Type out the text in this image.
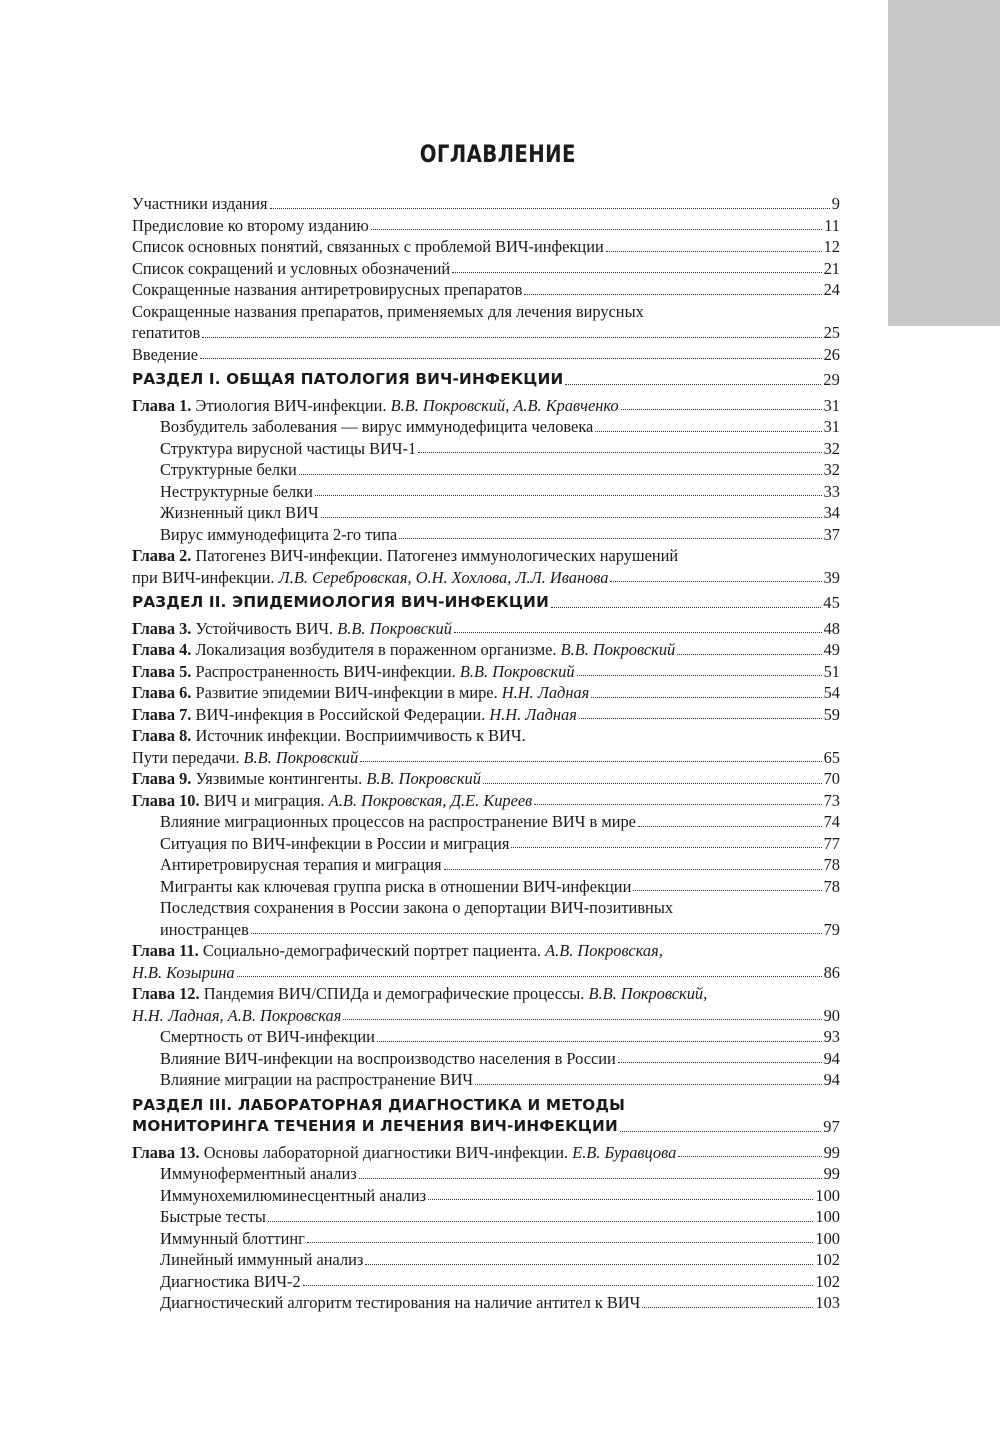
ОГЛАВЛЕНИЕ
Участники издания	9
Предисловие ко второму изданию	11
Список основных понятий, связанных с проблемой ВИЧ-инфекции	12
Список сокращений и условных обозначений	21
Сокращенные названия антиретровирусных препаратов	24
Сокращенные названия препаратов, применяемых для лечения вирусных
гепатитов	25
Введение	26
РАЗДЕЛ I. ОБЩАЯ ПАТОЛОГИЯ ВИЧ-ИНФЕКЦИИ	29
Глава 1. Этиология ВИЧ-инфекции. В.В. Покровский, А.В. Кравченко	31
Возбудитель заболевания — вирус иммунодефицита человека	31
Структура вирусной частицы ВИЧ-1	32
Структурные белки	32
Неструктурные белки	33
Жизненный цикл ВИЧ	34
Вирус иммунодефицита 2-го типа	37
Глава 2. Патогенез ВИЧ-инфекции. Патогенез иммунологических нарушений
при ВИЧ-инфекции. Л.В. Серебровская, О.Н. Хохлова, Л.Л. Иванова	39
РАЗДЕЛ II. ЭПИДЕМИОЛОГИЯ ВИЧ-ИНФЕКЦИИ	45
Глава 3. Устойчивость ВИЧ. В.В. Покровский	48
Глава 4. Локализация возбудителя в пораженном организме. В.В. Покровский	49
Глава 5. Распространенность ВИЧ-инфекции. В.В. Покровский	51
Глава 6. Развитие эпидемии ВИЧ-инфекции в мире. Н.Н. Ладная	54
Глава 7. ВИЧ-инфекция в Российской Федерации. Н.Н. Ладная	59
Глава 8. Источник инфекции. Восприимчивость к ВИЧ.
Пути передачи. В.В. Покровский	65
Глава 9. Уязвимые контингенты. В.В. Покровский	70
Глава 10. ВИЧ и миграция. А.В. Покровская, Д.Е. Киреев	73
Влияние миграционных процессов на распространение ВИЧ в мире	74
Ситуация по ВИЧ-инфекции в России и миграция	77
Антиретровирусная терапия и миграция	78
Мигранты как ключевая группа риска в отношении ВИЧ-инфекции	78
Последствия сохранения в России закона о депортации ВИЧ-позитивных
иностранцев	79
Глава 11. Социально-демографический портрет пациента. А.В. Покровская,
Н.В. Козырина	86
Глава 12. Пандемия ВИЧ/СПИДа и демографические процессы. В.В. Покровский,
Н.Н. Ладная, А.В. Покровская	90
Смертность от ВИЧ-инфекции	93
Влияние ВИЧ-инфекции на воспроизводство населения в России	94
Влияние миграции на распространение ВИЧ	94
РАЗДЕЛ III. ЛАБОРАТОРНАЯ ДИАГНОСТИКА И МЕТОДЫ
МОНИТОРИНГА ТЕЧЕНИЯ И ЛЕЧЕНИЯ ВИЧ-ИНФЕКЦИИ	97
Глава 13. Основы лабораторной диагностики ВИЧ-инфекции. Е.В. Буравцова	99
Иммуноферментный анализ	99
Иммунохемилюминесцентный анализ	100
Быстрые тесты	100
Иммунный блоттинг	100
Линейный иммунный анализ	102
Диагностика ВИЧ-2	102
Диагностический алгоритм тестирования на наличие антител к ВИЧ	103
